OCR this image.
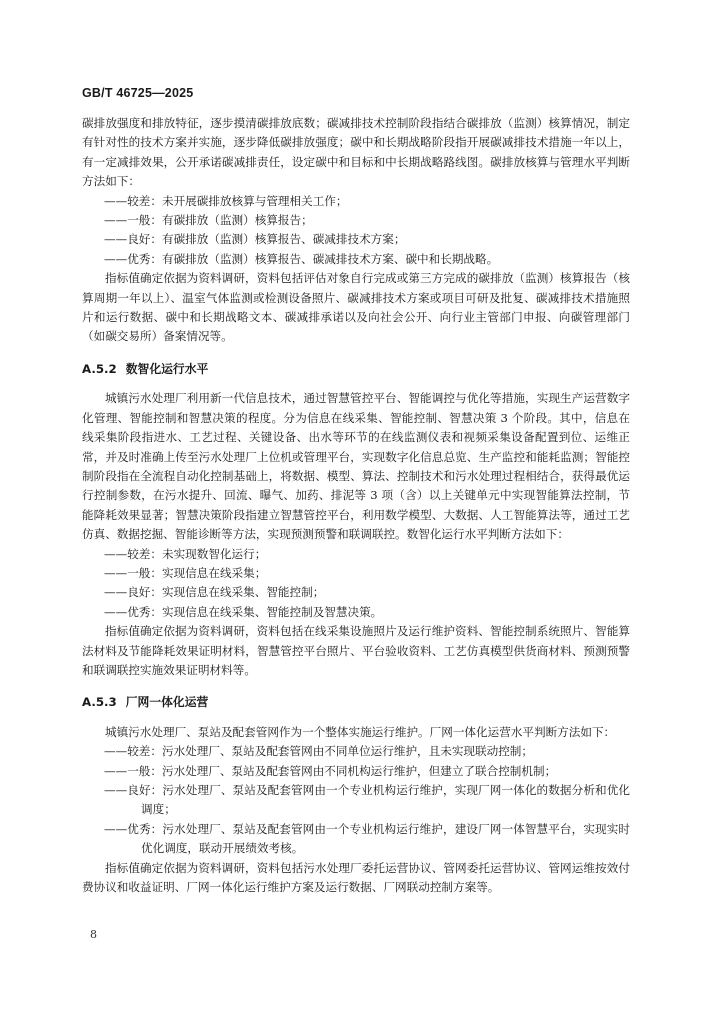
GB/T 46725—2025

碳排放强度和排放特征，逐步摸清碳排放底数；碳减排技术控制阶段指结合碳排放（监测）核算情况，制定有针对性的技术方案并实施，逐步降低碳排放强度；碳中和长期战略阶段指开展碳减排技术措施一年以上，有一定减排效果，公开承诺碳减排责任，设定碳中和目标和中长期战略路线图。碳排放核算与管理水平判断方法如下：

——较差：未开展碳排放核算与管理相关工作；

——一般：有碳排放（监测）核算报告；

——良好：有碳排放（监测）核算报告、碳减排技术方案；

——优秀：有碳排放（监测）核算报告、碳减排技术方案、碳中和长期战略。

指标值确定依据为资料调研，资料包括评估对象自行完成或第三方完成的碳排放（监测）核算报告（核算周期一年以上）、温室气体监测或检测设备照片、碳减排技术方案或项目可研及批复、碳减排技术措施照片和运行数据、碳中和长期战略文本、碳减排承诺以及向社会公开、向行业主管部门申报、向碳管理部门（如碳交易所）备案情况等。

A.5.2 数智化运行水平

城镇污水处理厂利用新一代信息技术，通过智慧管控平台、智能调控与优化等措施，实现生产运营数字化管理、智能控制和智慧决策的程度。分为信息在线采集、智能控制、智慧决策 3 个阶段。其中，信息在线采集阶段指进水、工艺过程、关键设备、出水等环节的在线监测仪表和视频采集设备配置到位、运维正常，并及时准确上传至污水处理厂上位机或管理平台，实现数字化信息总览、生产监控和能耗监测；智能控制阶段指在全流程自动化控制基础上，将数据、模型、算法、控制技术和污水处理过程相结合，获得最优运行控制参数，在污水提升、回流、曝气、加药、排泥等 3 项（含）以上关键单元中实现智能算法控制，节能降耗效果显著；智慧决策阶段指建立智慧管控平台，利用数学模型、大数据、人工智能算法等，通过工艺仿真、数据挖掘、智能诊断等方法，实现预测预警和联调联控。数智化运行水平判断方法如下：

——较差：未实现数智化运行；

——一般：实现信息在线采集；

——良好：实现信息在线采集、智能控制；

——优秀：实现信息在线采集、智能控制及智慧决策。

指标值确定依据为资料调研，资料包括在线采集设施照片及运行维护资料、智能控制系统照片、智能算法材料及节能降耗效果证明材料，智慧管控平台照片、平台验收资料、工艺仿真模型供货商材料、预测预警和联调联控实施效果证明材料等。

A.5.3 厂网一体化运营

城镇污水处理厂、泵站及配套管网作为一个整体实施运行维护。厂网一体化运营水平判断方法如下：

——较差：污水处理厂、泵站及配套管网由不同单位运行维护，且未实现联动控制；

——一般：污水处理厂、泵站及配套管网由不同机构运行维护，但建立了联合控制机制；

——良好：污水处理厂、泵站及配套管网由一个专业机构运行维护，实现厂网一体化的数据分析和优化调度；

——优秀：污水处理厂、泵站及配套管网由一个专业机构运行维护，建设厂网一体智慧平台，实现实时优化调度，联动开展绩效考核。

指标值确定依据为资料调研，资料包括污水处理厂委托运营协议、管网委托运营协议、管网运维按效付费协议和收益证明、厂网一体化运行维护方案及运行数据、厂网联动控制方案等。

8
